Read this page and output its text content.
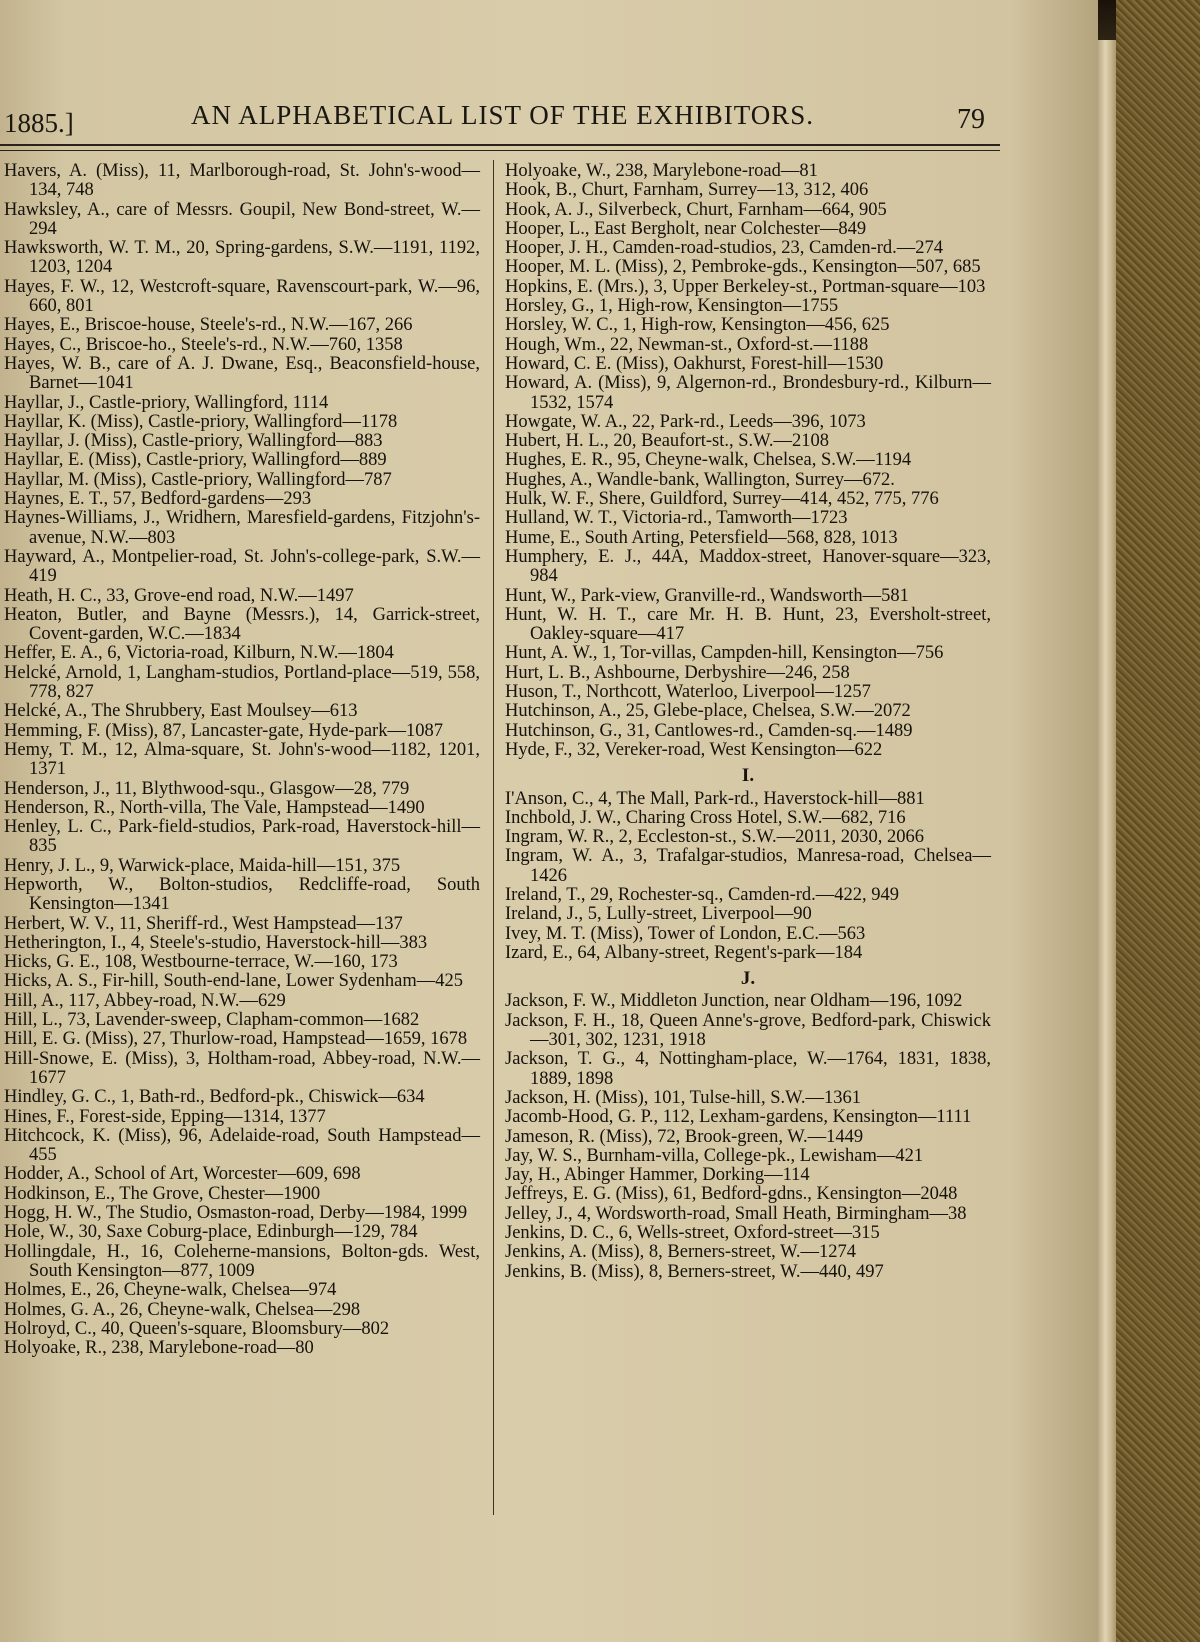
1885.]	AN ALPHABETICAL LIST OF THE EXHIBITORS.	79

Havers, A. (Miss), 11, Marlborough-road, St. John's-wood—134, 748

Hawksley, A., care of Messrs. Goupil, New Bond-street, W.—294

Hawksworth, W. T. M., 20, Spring-gardens, S.W.—1191, 1192, 1203, 1204

Hayes, F. W., 12, Westcroft-square, Ravenscourt-park, W.—96, 660, 801

Hayes, E., Briscoe-house, Steele's-rd., N.W.—167, 266

Hayes, C., Briscoe-ho., Steele's-rd., N.W.—760, 1358

Hayes, W. B., care of A. J. Dwane, Esq., Beaconsfield-house, Barnet—1041

Hayllar, J., Castle-priory, Wallingford, 1114

Hayllar, K. (Miss), Castle-priory, Wallingford—1178

Hayllar, J. (Miss), Castle-priory, Wallingford—883

Hayllar, E. (Miss), Castle-priory, Wallingford—889

Hayllar, M. (Miss), Castle-priory, Wallingford—787

Haynes, E. T., 57, Bedford-gardens—293

Haynes-Williams, J., Wridhern, Maresfield-gardens, Fitzjohn's-avenue, N.W.—803

Hayward, A., Montpelier-road, St. John's-college-park, S.W.—419

Heath, H. C., 33, Grove-end road, N.W.—1497

Heaton, Butler, and Bayne (Messrs.), 14, Garrick-street, Covent-garden, W.C.—1834

Heffer, E. A., 6, Victoria-road, Kilburn, N.W.—1804

Helcké, Arnold, 1, Langham-studios, Portland-place—519, 558, 778, 827

Helcké, A., The Shrubbery, East Moulsey—613

Hemming, F. (Miss), 87, Lancaster-gate, Hyde-park—1087

Hemy, T. M., 12, Alma-square, St. John's-wood—1182, 1201, 1371

Henderson, J., 11, Blythwood-squ., Glasgow—28, 779

Henderson, R., North-villa, The Vale, Hampstead—1490

Henley, L. C., Park-field-studios, Park-road, Haverstock-hill—835

Henry, J. L., 9, Warwick-place, Maida-hill—151, 375

Hepworth, W., Bolton-studios, Redcliffe-road, South Kensington—1341

Herbert, W. V., 11, Sheriff-rd., West Hampstead—137

Hetherington, I., 4, Steele's-studio, Haverstock-hill—383

Hicks, G. E., 108, Westbourne-terrace, W.—160, 173

Hicks, A. S., Fir-hill, South-end-lane, Lower Sydenham—425

Hill, A., 117, Abbey-road, N.W.—629

Hill, L., 73, Lavender-sweep, Clapham-common—1682

Hill, E. G. (Miss), 27, Thurlow-road, Hampstead—1659, 1678

Hill-Snowe, E. (Miss), 3, Holtham-road, Abbey-road, N.W.—1677

Hindley, G. C., 1, Bath-rd., Bedford-pk., Chiswick—634

Hines, F., Forest-side, Epping—1314, 1377

Hitchcock, K. (Miss), 96, Adelaide-road, South Hampstead—455

Hodder, A., School of Art, Worcester—609, 698

Hodkinson, E., The Grove, Chester—1900

Hogg, H. W., The Studio, Osmaston-road, Derby—1984, 1999

Hole, W., 30, Saxe Coburg-place, Edinburgh—129, 784

Hollingdale, H., 16, Coleherne-mansions, Bolton-gds. West, South Kensington—877, 1009

Holmes, E., 26, Cheyne-walk, Chelsea—974

Holmes, G. A., 26, Cheyne-walk, Chelsea—298

Holroyd, C., 40, Queen's-square, Bloomsbury—802

Holyoake, R., 238, Marylebone-road—80

Holyoake, W., 238, Marylebone-road—81

Hook, B., Churt, Farnham, Surrey—13, 312, 406

Hook, A. J., Silverbeck, Churt, Farnham—664, 905

Hooper, L., East Bergholt, near Colchester—849

Hooper, J. H., Camden-road-studios, 23, Camden-rd.—274

Hooper, M. L. (Miss), 2, Pembroke-gds., Kensington—507, 685

Hopkins, E. (Mrs.), 3, Upper Berkeley-st., Portman-square—103

Horsley, G., 1, High-row, Kensington—1755

Horsley, W. C., 1, High-row, Kensington—456, 625

Hough, Wm., 22, Newman-st., Oxford-st.—1188

Howard, C. E. (Miss), Oakhurst, Forest-hill—1530

Howard, A. (Miss), 9, Algernon-rd., Brondesbury-rd., Kilburn—1532, 1574

Howgate, W. A., 22, Park-rd., Leeds—396, 1073

Hubert, H. L., 20, Beaufort-st., S.W.—2108

Hughes, E. R., 95, Cheyne-walk, Chelsea, S.W.—1194

Hughes, A., Wandle-bank, Wallington, Surrey—672.

Hulk, W. F., Shere, Guildford, Surrey—414, 452, 775, 776

Hulland, W. T., Victoria-rd., Tamworth—1723

Hume, E., South Arting, Petersfield—568, 828, 1013

Humphery, E. J., 44A, Maddox-street, Hanover-square—323, 984

Hunt, W., Park-view, Granville-rd., Wandsworth—581

Hunt, W. H. T., care Mr. H. B. Hunt, 23, Eversholt-street, Oakley-square—417

Hunt, A. W., 1, Tor-villas, Campden-hill, Kensington—756

Hurt, L. B., Ashbourne, Derbyshire—246, 258

Huson, T., Northcott, Waterloo, Liverpool—1257

Hutchinson, A., 25, Glebe-place, Chelsea, S.W.—2072

Hutchinson, G., 31, Cantlowes-rd., Camden-sq.—1489

Hyde, F., 32, Vereker-road, West Kensington—622

I.

I'Anson, C., 4, The Mall, Park-rd., Haverstock-hill—881

Inchbold, J. W., Charing Cross Hotel, S.W.—682, 716

Ingram, W. R., 2, Eccleston-st., S.W.—2011, 2030, 2066

Ingram, W. A., 3, Trafalgar-studios, Manresa-road, Chelsea—1426

Ireland, T., 29, Rochester-sq., Camden-rd.—422, 949

Ireland, J., 5, Lully-street, Liverpool—90

Ivey, M. T. (Miss), Tower of London, E.C.—563

Izard, E., 64, Albany-street, Regent's-park—184

J.

Jackson, F. W., Middleton Junction, near Oldham—196, 1092

Jackson, F. H., 18, Queen Anne's-grove, Bedford-park, Chiswick—301, 302, 1231, 1918

Jackson, T. G., 4, Nottingham-place, W.—1764, 1831, 1838, 1889, 1898

Jackson, H. (Miss), 101, Tulse-hill, S.W.—1361

Jacomb-Hood, G. P., 112, Lexham-gardens, Kensington—1111

Jameson, R. (Miss), 72, Brook-green, W.—1449

Jay, W. S., Burnham-villa, College-pk., Lewisham—421

Jay, H., Abinger Hammer, Dorking—114

Jeffreys, E. G. (Miss), 61, Bedford-gdns., Kensington—2048

Jelley, J., 4, Wordsworth-road, Small Heath, Birmingham—38

Jenkins, D. C., 6, Wells-street, Oxford-street—315

Jenkins, A. (Miss), 8, Berners-street, W.—1274

Jenkins, B. (Miss), 8, Berners-street, W.—440, 497
